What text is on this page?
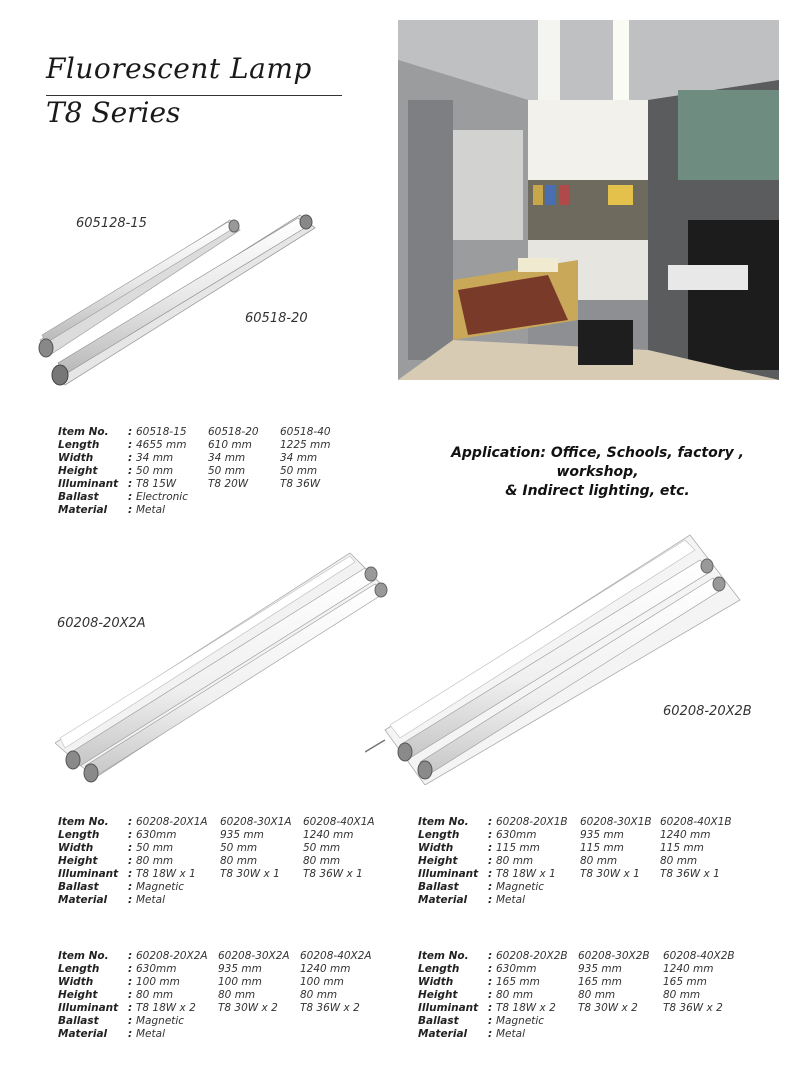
Fluorescent Lamp
T8 Series
605128-15
60518-20
Item No. : 60518-15 60518-20 60518-40
Length	: 4655 mm 610 mm	1225 mm
Width	: 34 mm	34 mm	34 mm
Height	: 50 mm	50 mm	50 mm
Illuminant : T8 15W	T8 20W	T8 36W
Ballast	: Electronic
Material : Metal
Application: Office, Schools, factory , workshop,
& Indirect lighting, etc.
60208-20X2A
60208-20X2B
Item No. : 60208-20X1A 60208-30X1A 60208-40X1A
Length	: 630mm	935 mm	1240 mm
Width	: 50 mm	50 mm	50 mm
Height	: 80 mm	80 mm	80 mm
Illuminant : T8 18W x 1 T8 30W x 1 T8 36W x 1
Ballast	: Magnetic
Material : Metal
Item No. : 60208-20X1B 60208-30X1B 60208-40X1B
Length	: 630mm	935 mm	1240 mm
Width	: 115 mm	115 mm	115 mm
Height	: 80 mm	80 mm	80 mm
Illuminant : T8 18W x 1 T8 30W x 1 T8 36W x 1
Ballast	: Magnetic
Material : Metal
Item No. : 60208-20X2A 60208-30X2A 60208-40X2A
Length	: 630mm	935 mm	1240 mm
Width	: 100 mm	100 mm	100 mm
Height	: 80 mm	80 mm	80 mm
Illuminant : T8 18W x 2 T8 30W x 2 T8 36W x 2
Ballast	: Magnetic
Material : Metal
Item No. : 60208-20X2B 60208-30X2B 60208-40X2B
Length	: 630mm	935 mm	1240 mm
Width	: 165 mm	165 mm	165 mm
Height	: 80 mm	80 mm	80 mm
Illuminant : T8 18W x 2 T8 30W x 2 T8 36W x 2
Ballast	: Magnetic
Material : Metal
